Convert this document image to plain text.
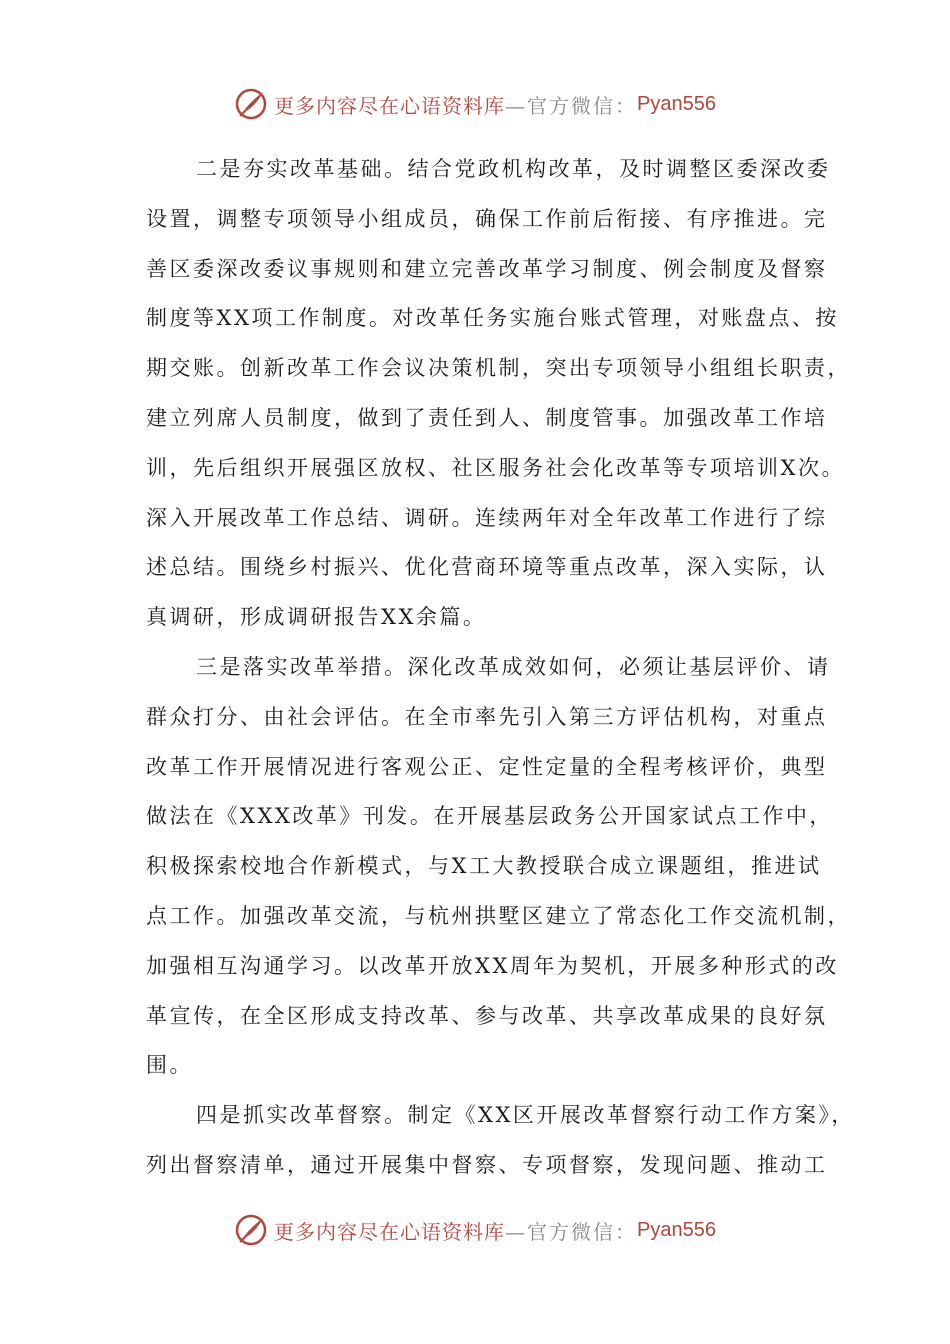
更多内容尽在心语资料库 —官方微信： Pyan556
二是夯实改革基础。结合党政机构改革，及时调整区委深改委
设置，调整专项领导小组成员，确保工作前后衔接、有序推进。完
善区委深改委议事规则和建立完善改革学习制度、例会制度及督察
制度等XX项工作制度。对改革任务实施台账式管理，对账盘点、按
期交账。创新改革工作会议决策机制，突出专项领导小组组长职责，
建立列席人员制度，做到了责任到人、制度管事。加强改革工作培
训，先后组织开展强区放权、社区服务社会化改革等专项培训X次。
深入开展改革工作总结、调研。连续两年对全年改革工作进行了综
述总结。围绕乡村振兴、优化营商环境等重点改革，深入实际，认
真调研，形成调研报告XX余篇。
三是落实改革举措。深化改革成效如何，必须让基层评价、请
群众打分、由社会评估。在全市率先引入第三方评估机构，对重点
改革工作开展情况进行客观公正、定性定量的全程考核评价，典型
做法在《XXX改革》刊发。在开展基层政务公开国家试点工作中，
积极探索校地合作新模式，与X工大教授联合成立课题组，推进试
点工作。加强改革交流，与杭州拱墅区建立了常态化工作交流机制，
加强相互沟通学习。以改革开放XX周年为契机，开展多种形式的改
革宣传，在全区形成支持改革、参与改革、共享改革成果的良好氛
围。
四是抓实改革督察。制定《XX区开展改革督察行动工作方案》，
列出督察清单，通过开展集中督察、专项督察，发现问题、推动工
更多内容尽在心语资料库 —官方微信： Pyan556
